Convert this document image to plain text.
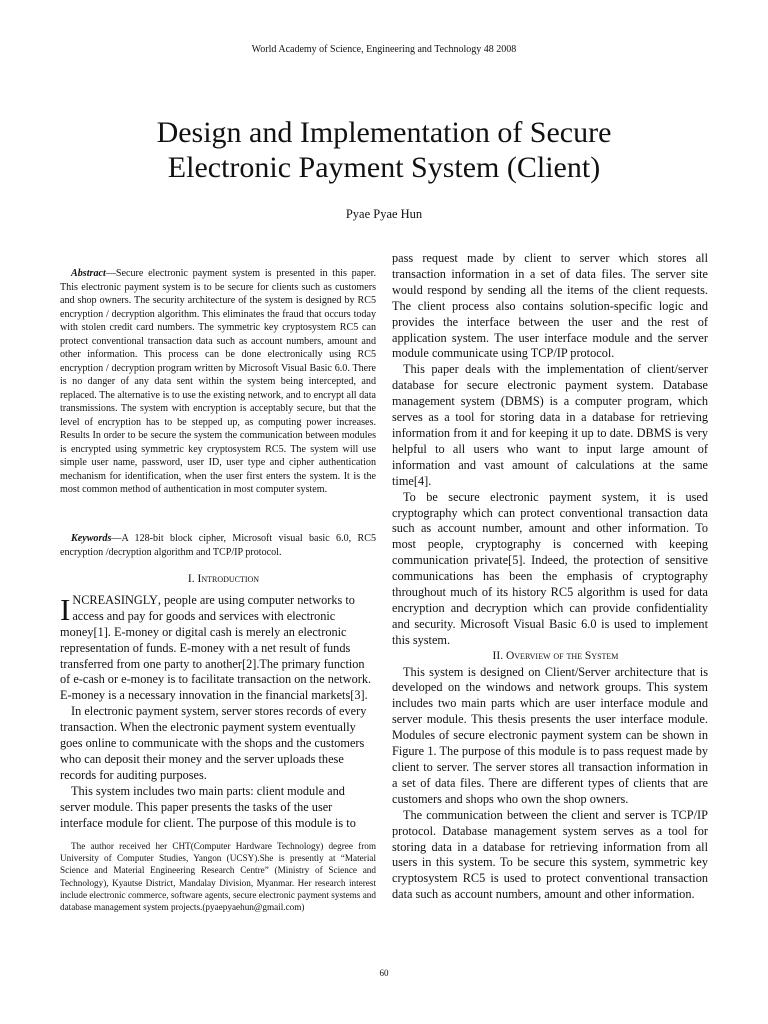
World Academy of Science, Engineering and Technology 48 2008
Design and Implementation of Secure
Electronic Payment System (Client)
Pyae Pyae Hun

Abstract—Secure electronic payment system is presented in this paper. This electronic payment system is to be secure for clients such as customers and shop owners. The security architecture of the system is designed by RC5 encryption / decryption algorithm. This eliminates the fraud that occurs today with stolen credit card numbers. The symmetric key cryptosystem RC5 can protect conventional transaction data such as account numbers, amount and other information. This process can be done electronically using RC5 encryption / decryption program written by Microsoft Visual Basic 6.0. There is no danger of any data sent within the system being intercepted, and replaced. The alternative is to use the existing network, and to encrypt all data transmissions. The system with encryption is acceptably secure, but that the level of encryption has to be stepped up, as computing power increases. Results In order to be secure the system the communication between modules is encrypted using symmetric key cryptosystem RC5. The system will use simple user name, password, user ID, user type and cipher authentication mechanism for identification, when the user first enters the system. It is the most common method of authentication in most computer system.

Keywords—A 128-bit block cipher, Microsoft visual basic 6.0, RC5 encryption /decryption algorithm and TCP/IP protocol.

I. Introduction

INCREASINGLY, people are using computer networks to access and pay for goods and services with electronic money[1]. E-money or digital cash is merely an electronic representation of funds. E-money with a net result of funds transferred from one party to another[2].The primary function of e-cash or e-money is to facilitate transaction on the network. E-money is a necessary innovation in the financial markets[3].

In electronic payment system, server stores records of every transaction. When the electronic payment system eventually goes online to communicate with the shops and the customers who can deposit their money and the server uploads these records for auditing purposes.

This system includes two main parts: client module and server module. This paper presents the tasks of the user interface module for client. The purpose of this module is to

The author received her CHT(Computer Hardware Technology) degree from University of Computer Studies, Yangon (UCSY).She is presently at “Material Science and Material Engineering Research Centre” (Ministry of Science and Technology), Kyautse District, Mandalay Division, Myanmar. Her research interest include electronic commerce, software agents, secure electronic payment systems and database management system projects.(pyaepyaehun@gmail.com)

pass request made by client to server which stores all transaction information in a set of data files. The server site would respond by sending all the items of the client requests. The client process also contains solution-specific logic and provides the interface between the user and the rest of application system. The user interface module and the server module communicate using TCP/IP protocol.

This paper deals with the implementation of client/server database for secure electronic payment system. Database management system (DBMS) is a computer program, which serves as a tool for storing data in a database for retrieving information from it and for keeping it up to date. DBMS is very helpful to all users who want to input large amount of information and vast amount of calculations at the same time[4].

To be secure electronic payment system, it is used cryptography which can protect conventional transaction data such as account number, amount and other information. To most people, cryptography is concerned with keeping communication private[5]. Indeed, the protection of sensitive communications has been the emphasis of cryptography throughout much of its history RC5 algorithm is used for data encryption and decryption which can provide confidentiality and security. Microsoft Visual Basic 6.0 is used to implement this system.

II. Overview of the System

This system is designed on Client/Server architecture that is developed on the windows and network groups. This system includes two main parts which are user interface module and server module. This thesis presents the user interface module. Modules of secure electronic payment system can be shown in Figure 1. The purpose of this module is to pass request made by client to server. The server stores all transaction information in a set of data files. There are different types of clients that are customers and shops who own the shop owners.

The communication between the client and server is TCP/IP protocol. Database management system serves as a tool for storing data in a database for retrieving information from all users in this system. To be secure this system, symmetric key cryptosystem RC5 is used to protect conventional transaction data such as account numbers, amount and other information.

60
